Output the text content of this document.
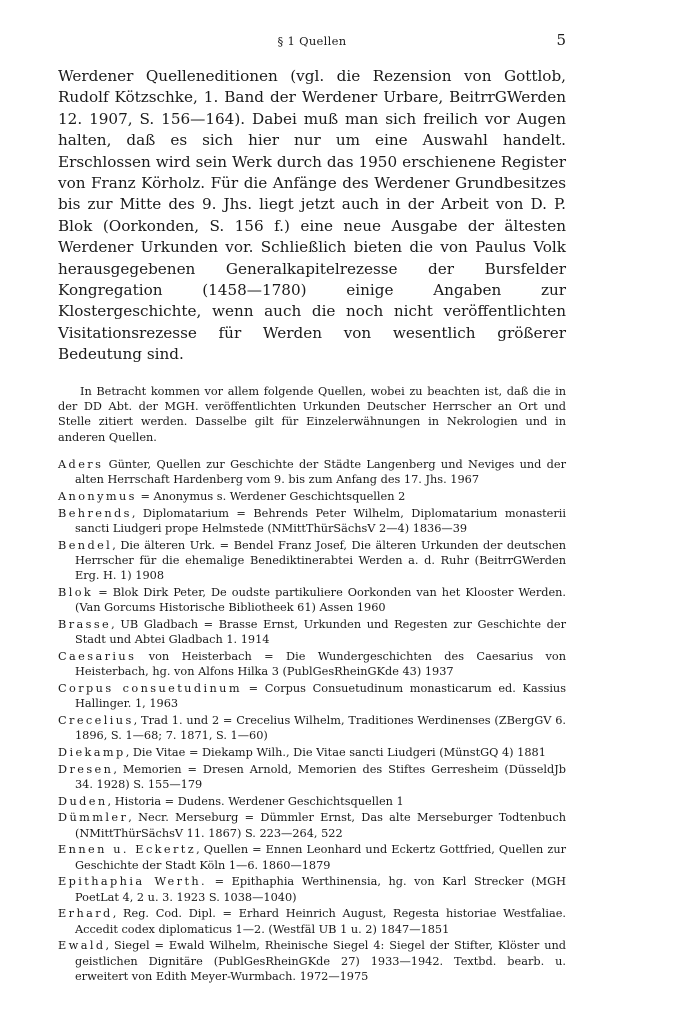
§ 1 Quellen	5

Werdener Quelleneditionen (vgl. die Rezension von Gottlob, Rudolf Kötzschke, 1. Band der Werdener Urbare, BeitrrGWerden 12. 1907, S. 156—164). Dabei muß man sich freilich vor Augen halten, daß es sich hier nur um eine Auswahl handelt. Erschlossen wird sein Werk durch das 1950 erschienene Register von Franz Körholz. Für die Anfänge des Werdener Grundbesitzes bis zur Mitte des 9. Jhs. liegt jetzt auch in der Arbeit von D. P. Blok (Oorkonden, S. 156 f.) eine neue Ausgabe der ältesten Werdener Urkunden vor. Schließlich bieten die von Paulus Volk herausgegebenen Generalkapitelrezesse der Bursfelder Kongregation (1458—1780) einige Angaben zur Klostergeschichte, wenn auch die noch nicht veröffentlichten Visitationsrezesse für Werden von wesentlich größerer Bedeutung sind.

In Betracht kommen vor allem folgende Quellen, wobei zu beachten ist, daß die in der DD Abt. der MGH. veröffentlichten Urkunden Deutscher Herrscher an Ort und Stelle zitiert werden. Dasselbe gilt für Einzelerwähnungen in Nekrologien und in anderen Quellen.

Aders Günter, Quellen zur Geschichte der Städte Langenberg und Neviges und der alten Herrschaft Hardenberg vom 9. bis zum Anfang des 17. Jhs. 1967
Anonymus = Anonymus s. Werdener Geschichtsquellen 2
Behrends, Diplomatarium = Behrends Peter Wilhelm, Diplomatarium monasterii sancti Liudgeri prope Helmstede (NMittThürSächsV 2—4) 1836—39
Bendel, Die älteren Urk. = Bendel Franz Josef, Die älteren Urkunden der deutschen Herrscher für die ehemalige Benediktinerabtei Werden a. d. Ruhr (BeitrrGWerden Erg. H. 1) 1908
Blok = Blok Dirk Peter, De oudste partikuliere Oorkonden van het Klooster Werden. (Van Gorcums Historische Bibliotheek 61) Assen 1960
Brasse, UB Gladbach = Brasse Ernst, Urkunden und Regesten zur Geschichte der Stadt und Abtei Gladbach 1. 1914
Caesarius von Heisterbach = Die Wundergeschichten des Caesarius von Heisterbach, hg. von Alfons Hilka 3 (PublGesRheinGKde 43) 1937
Corpus consuetudinum = Corpus Consuetudinum monasticarum ed. Kassius Hallinger. 1, 1963
Crecelius, Trad 1. und 2 = Crecelius Wilhelm, Traditiones Werdinenses (ZBergGV 6. 1896, S. 1—68; 7. 1871, S. 1—60)
Diekamp, Die Vitae = Diekamp Wilh., Die Vitae sancti Liudgeri (MünstGQ 4) 1881
Dresen, Memorien = Dresen Arnold, Memorien des Stiftes Gerresheim (DüsseldJb 34. 1928) S. 155—179
Duden, Historia = Dudens. Werdener Geschichtsquellen 1
Dümmler, Necr. Merseburg = Dümmler Ernst, Das alte Merseburger Todtenbuch (NMittThürSächsV 11. 1867) S. 223—264, 522
Ennen u. Eckertz, Quellen = Ennen Leonhard und Eckertz Gottfried, Quellen zur Geschichte der Stadt Köln 1—6. 1860—1879
Epithaphia Werth. = Epithaphia Werthinensia, hg. von Karl Strecker (MGH PoetLat 4, 2 u. 3. 1923 S. 1038—1040)
Erhard, Reg. Cod. Dipl. = Erhard Heinrich August, Regesta historiae Westfaliae. Accedit codex diplomaticus 1—2. (Westfäl UB 1 u. 2) 1847—1851
Ewald, Siegel = Ewald Wilhelm, Rheinische Siegel 4: Siegel der Stifter, Klöster und geistlichen Dignitäre (PublGesRheinGKde 27) 1933—1942. Textbd. bearb. u. erweitert von Edith Meyer-Wurmbach. 1972—1975
